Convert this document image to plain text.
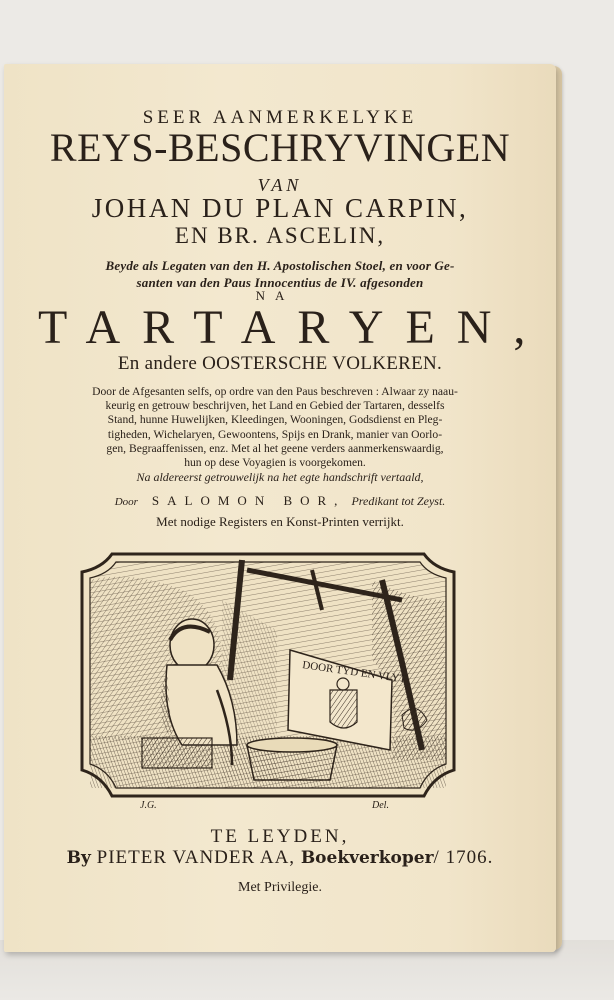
SEER AANMERKELYKE
REYS-BESCHRYVINGEN
VAN
JOHAN DU PLAN CARPIN,
EN BR. ASCELIN,
Beyde als Legaten van den H. Apostolischen Stoel, en voor Ge-
santen van den Paus Innocentius de IV. afgesonden
NA
TARTARYEN,
En andere OOSTERSCHE VOLKEREN.
Door de Afgesanten selfs, op ordre van den Paus beschreven : Alwaar zy naau-
keurig en getrouw beschrijven, het Land en Gebied der Tartaren, desselfs
Stand, hunne Huwelijken, Kleedingen, Wooningen, Godsdienst en Pleg-
tigheden, Wichelaryen, Gewoontens, Spijs en Drank, manier van Oorlo-
gen, Begraaffenissen, enz. Met al het geene verders aanmerkenswaardig,
hun op dese Voyagien is voorgekomen.
Na aldereerst getrouwelijk na het egte handschrift vertaald,
Door SALOMON BOR, Predikant tot Zeyst.
Met nodige Registers en Konst-Printen verrijkt.
DOOR TYD EN VLYT
J.G.	Del.
TE LEYDEN,
By PIETER VANDER AA, Boekverkoper/ 1706.
Met Privilegie.
